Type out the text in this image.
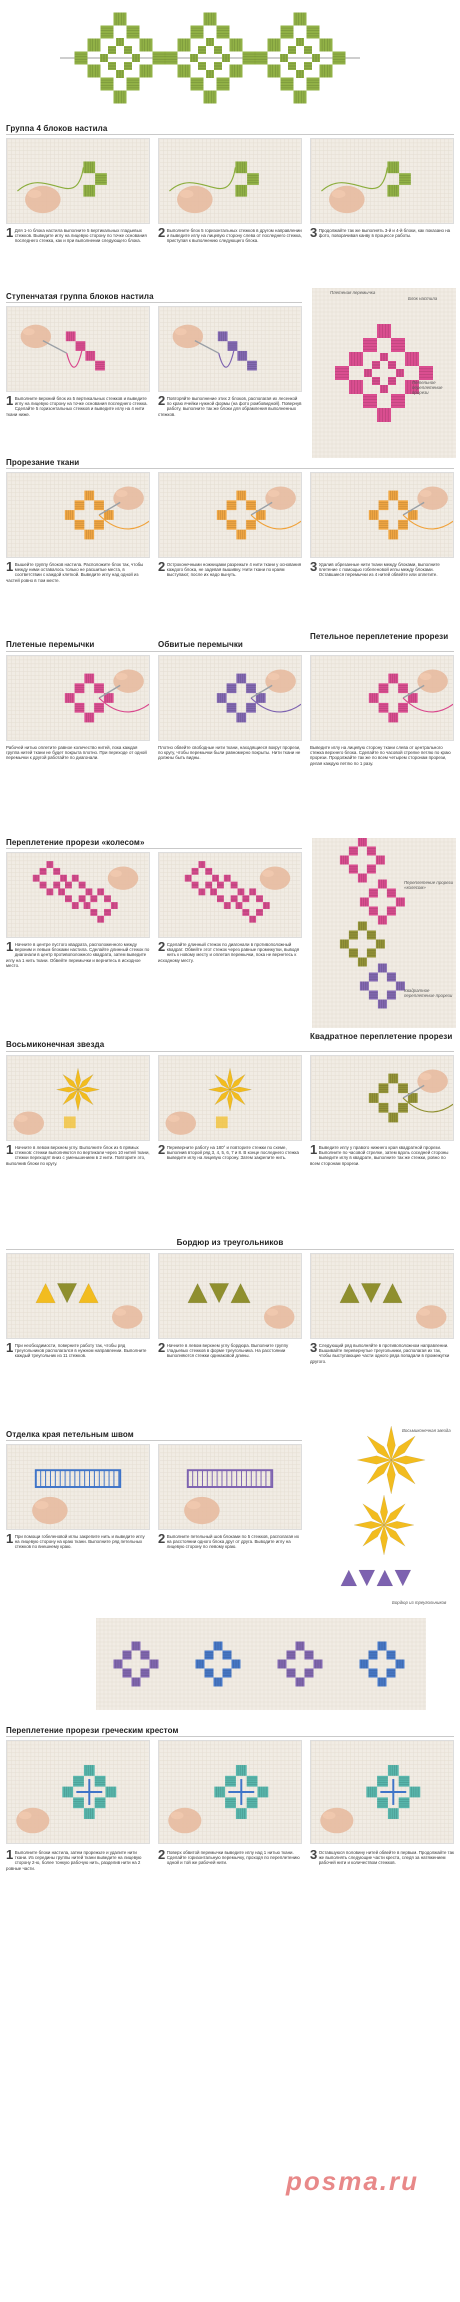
Группа 4 блоков настила
1 Для 1-го блока настила выполните 5 вертикальных гладьевых стежков. Выведите иглу на лицевую сторону по точке основания последнего стежка, как и при выполнении следующего блока.
2 Выполните блок 5 горизонтальных стежков в другом направлении и выведите иглу на лицевую сторону слева от последнего стежка, приступая к выполнению следующего блока.
3 Продолжайте так же выполнять 3-й и 4-й блоки, как показано на фото, поворачивая канву в процессе работы.
Ступенчатая группа блоков настила
1 Выполните верхний блок из 5 вертикальных стежков и выведите иглу на лицевую сторону на точке основания последнего стежка. Сделайте 5 горизонтальных стежков и выведите иглу на 4 нити ткани ниже.
2 Повторяйте выполнение этих 2 блоков, располагая их лесенкой по краю ячейки нужной формы (на фото ромбовидной). Повернув работу, выполните так же блоки для обрамления выполненных стежков.
Плетеная перемычка
Блок настила
Петельное переплетение прорези
Прорезание ткани
1 Вышейте группу блоков настила. Расположите блок так, чтобы между ними оставалось только не расшитые места, в соответствии с каждой клеткой. Выведите иглу над одной из частей ровно в том месте.
2 Остроконечными ножницами разрежьте 4 нити ткани у основания каждого блока, не задевая вышивку. Нити ткани по краям выступают, после их надо вынуть.
3 Удалив обрезанные нити ткани между блоками, выполните плетение с помощью гобеленовой иглы между блоками. Оставшиеся перемычки из 4 нитей обвейте или оплетите.
Плетеные перемычки	Обвитые перемычки
Петельное переплетение прорези
Рабочей нитью оплетите равное количество нитей, пока каждая группа нитей ткани не будет покрыта плотно. При переходе от одной перемычки к другой работайте по диагонали.
Плотно обвейте свободные нити ткани, находящиеся вокруг прорези, по кругу, чтобы перемычки были равномерно покрыты. Нити ткани не должны быть видны.
Выведите иглу на лицевую сторону ткани слева от центрального стежка верхнего блока. Сделайте по часовой стрелке петлю по краю прорези. Продолжайте так же по всем четырем сторонам прорези, делая каждую петлю по 1 разу.
Переплетение прорези «колесом»
1 Начните в центре пустого квадрата, расположенного между верхним и левым блоками настила. Сделайте длинный стежок по диагонали в центр противоположного квадрата, затем выведите иглу на 1 нить ткани. Обвейте перемычки и вернитесь в исходное место.
2 Сделайте длинный стежок по диагонали в противоположный квадрат. Обвейте этот стежок через равные промежутки, выводя нить к новому месту и оплетая перемычки, пока не вернетесь к исходному месту.
Переплетение прорези «колесом»
Квадратное переплетение прорези
Восьмиконечная звезда
Квадратное переплетение прорези
1 Начните в левом верхнем углу. Выполните блок из 6 прямых стежков: стежки выполняются по вертикали через 10 нитей ткани, стежки переходят вниз с уменьшением в 2 нити. Повторите это, выполнив блоки по кругу.
2 Переверните работу на 180° и повторите стежки по схеме, выполнив второй ряд 3, 4, 5, 6, 7 и 8. В конце последнего стежка выведите иглу на лицевую сторону. Затем закрепите нить.
1 Выведите иглу у правого нижнего края квадратной прорези. Выполните по часовой стрелке, затем вдоль соседней стороны выведите иглу в квадрате, выполните так же стежки, ровно по всем сторонам прорези.
Бордюр из треугольников
1 При необходимости, поверните работу так, чтобы ряд треугольников располагался в нужном направлении. Выполните каждый треугольник из 11 стежков.
2 Начните в левом верхнем углу бордюра. Выполните группу гладьевых стежков в форме треугольника. На расстоянии выполняются стежки одинаковой длины.
3 Следующий ряд выполняйте в противоположном направлении. Вышивайте перевернутые треугольники, располагая их так, чтобы выступающие части одного ряда попадали в промежутки другого.
Отделка края петельным швом
1 При помощи гобеленовой иглы закрепите нить и выведите иглу на лицевую сторону на краю ткани. Выполните ряд петельных стежков по внешнему краю.
2 Выполните петельный шов блоками по 5 стежков, располагая их на расстоянии одного блока друг от друга. Выводите иглу на лицевую сторону по левому краю.
Восьмиконечная звезда
Бордюр из треугольников
Переплетение прорези греческим крестом
1 Выполните блоки настила, затем прорежьте и удалите нити ткани. Из середины группы нитей ткани выведите на лицевую сторону 2-ю, более тонкую рабочую нить, разделив нити на 2 ровные части.
2 Поверх обвитой перемычки выведите иглу над 1 нитью ткани. Сделайте горизонтальную перемычку, проходя по переплетению одной и той же рабочей нити.
3 Оставшуюся половину нитей обвейте в первым. Продолжайте так же выполнять следующие части креста, следя за натяжением рабочей нити и количеством стежков.
posma.ru
